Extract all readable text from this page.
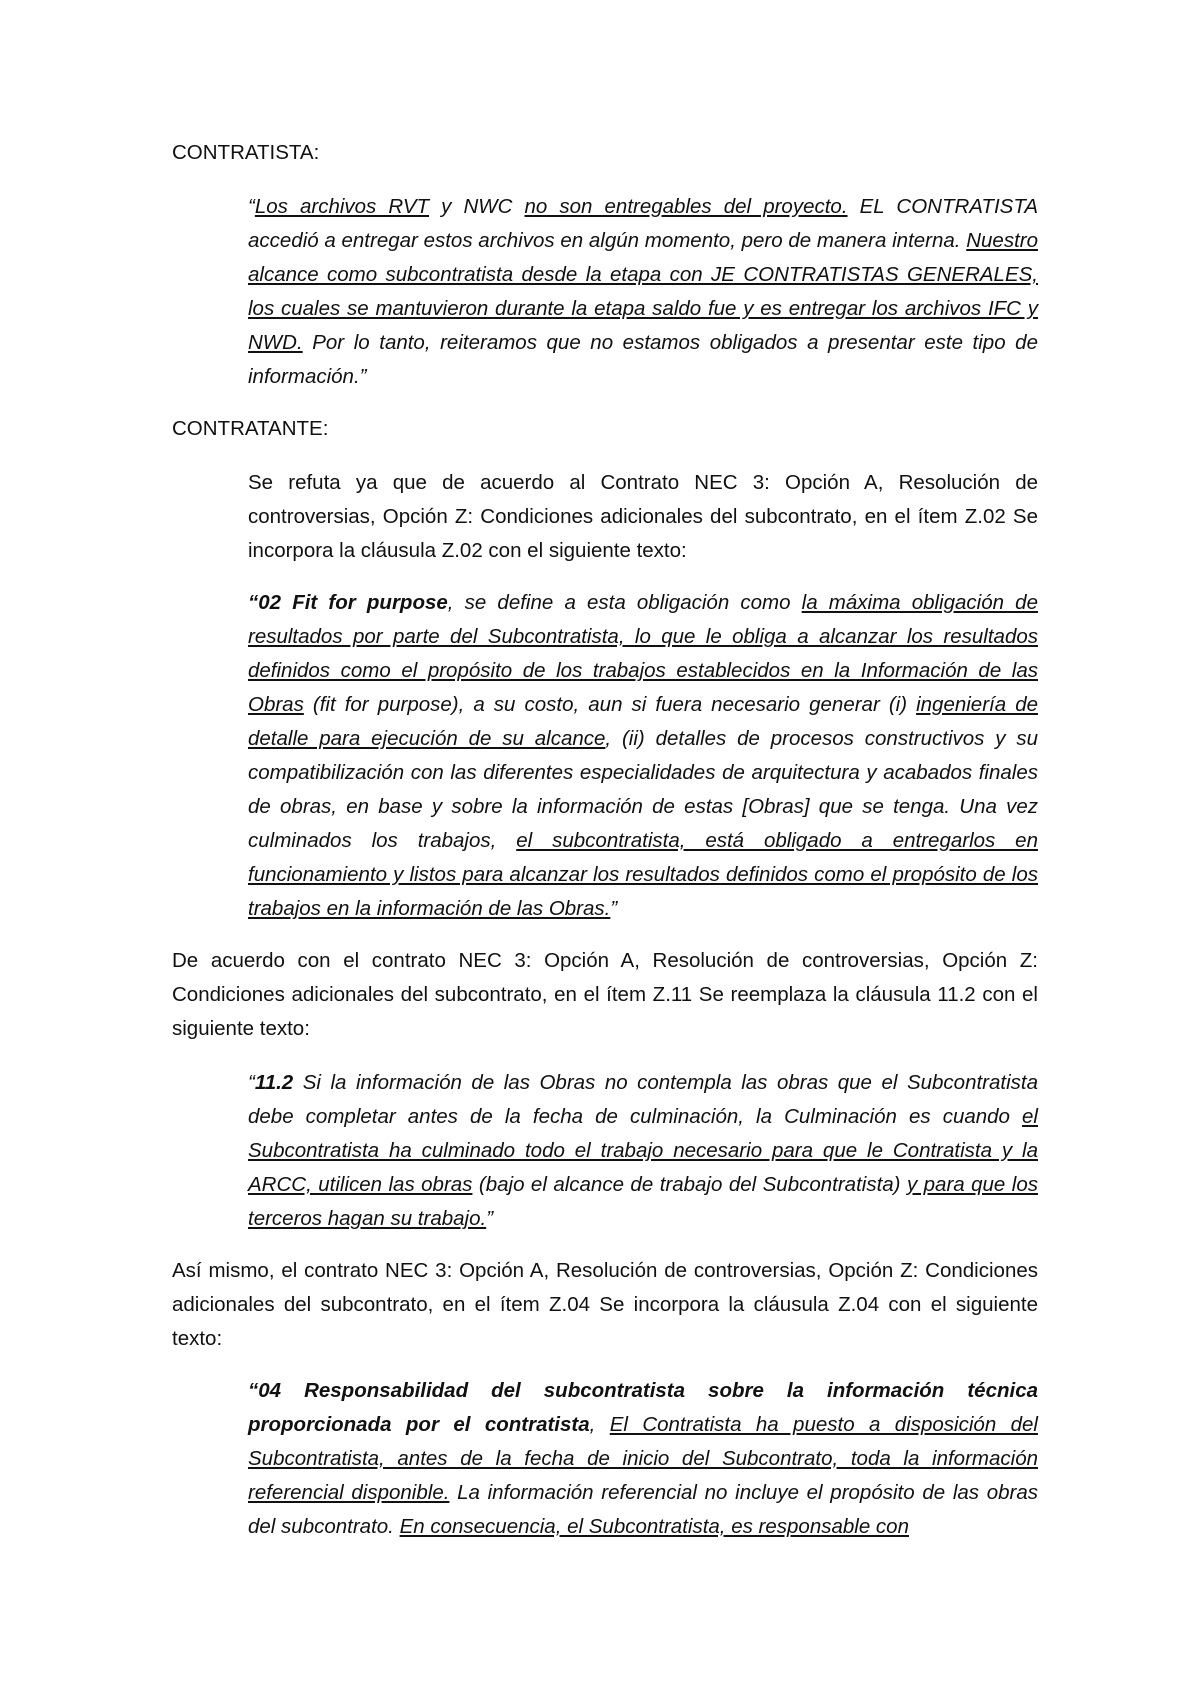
CONTRATISTA:

“Los archivos RVT y NWC no son entregables del proyecto. EL CONTRATISTA accedió a entregar estos archivos en algún momento, pero de manera interna. Nuestro alcance como subcontratista desde la etapa con JE CONTRATISTAS GENERALES, los cuales se mantuvieron durante la etapa saldo fue y es entregar los archivos IFC y NWD. Por lo tanto, reiteramos que no estamos obligados a presentar este tipo de información.”

CONTRATANTE:

Se refuta ya que de acuerdo al Contrato NEC 3: Opción A, Resolución de controversias, Opción Z: Condiciones adicionales del subcontrato, en el ítem Z.02 Se incorpora la cláusula Z.02 con el siguiente texto:

“02 Fit for purpose, se define a esta obligación como la máxima obligación de resultados por parte del Subcontratista, lo que le obliga a alcanzar los resultados definidos como el propósito de los trabajos establecidos en la Información de las Obras (fit for purpose), a su costo, aun si fuera necesario generar (i) ingeniería de detalle para ejecución de su alcance, (ii) detalles de procesos constructivos y su compatibilización con las diferentes especialidades de arquitectura y acabados finales de obras, en base y sobre la información de estas [Obras] que se tenga. Una vez culminados los trabajos, el subcontratista, está obligado a entregarlos en funcionamiento y listos para alcanzar los resultados definidos como el propósito de los trabajos en la información de las Obras.”

De acuerdo con el contrato NEC 3: Opción A, Resolución de controversias, Opción Z: Condiciones adicionales del subcontrato, en el ítem Z.11 Se reemplaza la cláusula 11.2 con el siguiente texto:

“11.2 Si la información de las Obras no contempla las obras que el Subcontratista debe completar antes de la fecha de culminación, la Culminación es cuando el Subcontratista ha culminado todo el trabajo necesario para que le Contratista y la ARCC, utilicen las obras (bajo el alcance de trabajo del Subcontratista) y para que los terceros hagan su trabajo.”

Así mismo, el contrato NEC 3: Opción A, Resolución de controversias, Opción Z: Condiciones adicionales del subcontrato, en el ítem Z.04 Se incorpora la cláusula Z.04 con el siguiente texto:

“04 Responsabilidad del subcontratista sobre la información técnica proporcionada por el contratista, El Contratista ha puesto a disposición del Subcontratista, antes de la fecha de inicio del Subcontrato, toda la información referencial disponible. La información referencial no incluye el propósito de las obras del subcontrato. En consecuencia, el Subcontratista, es responsable con
